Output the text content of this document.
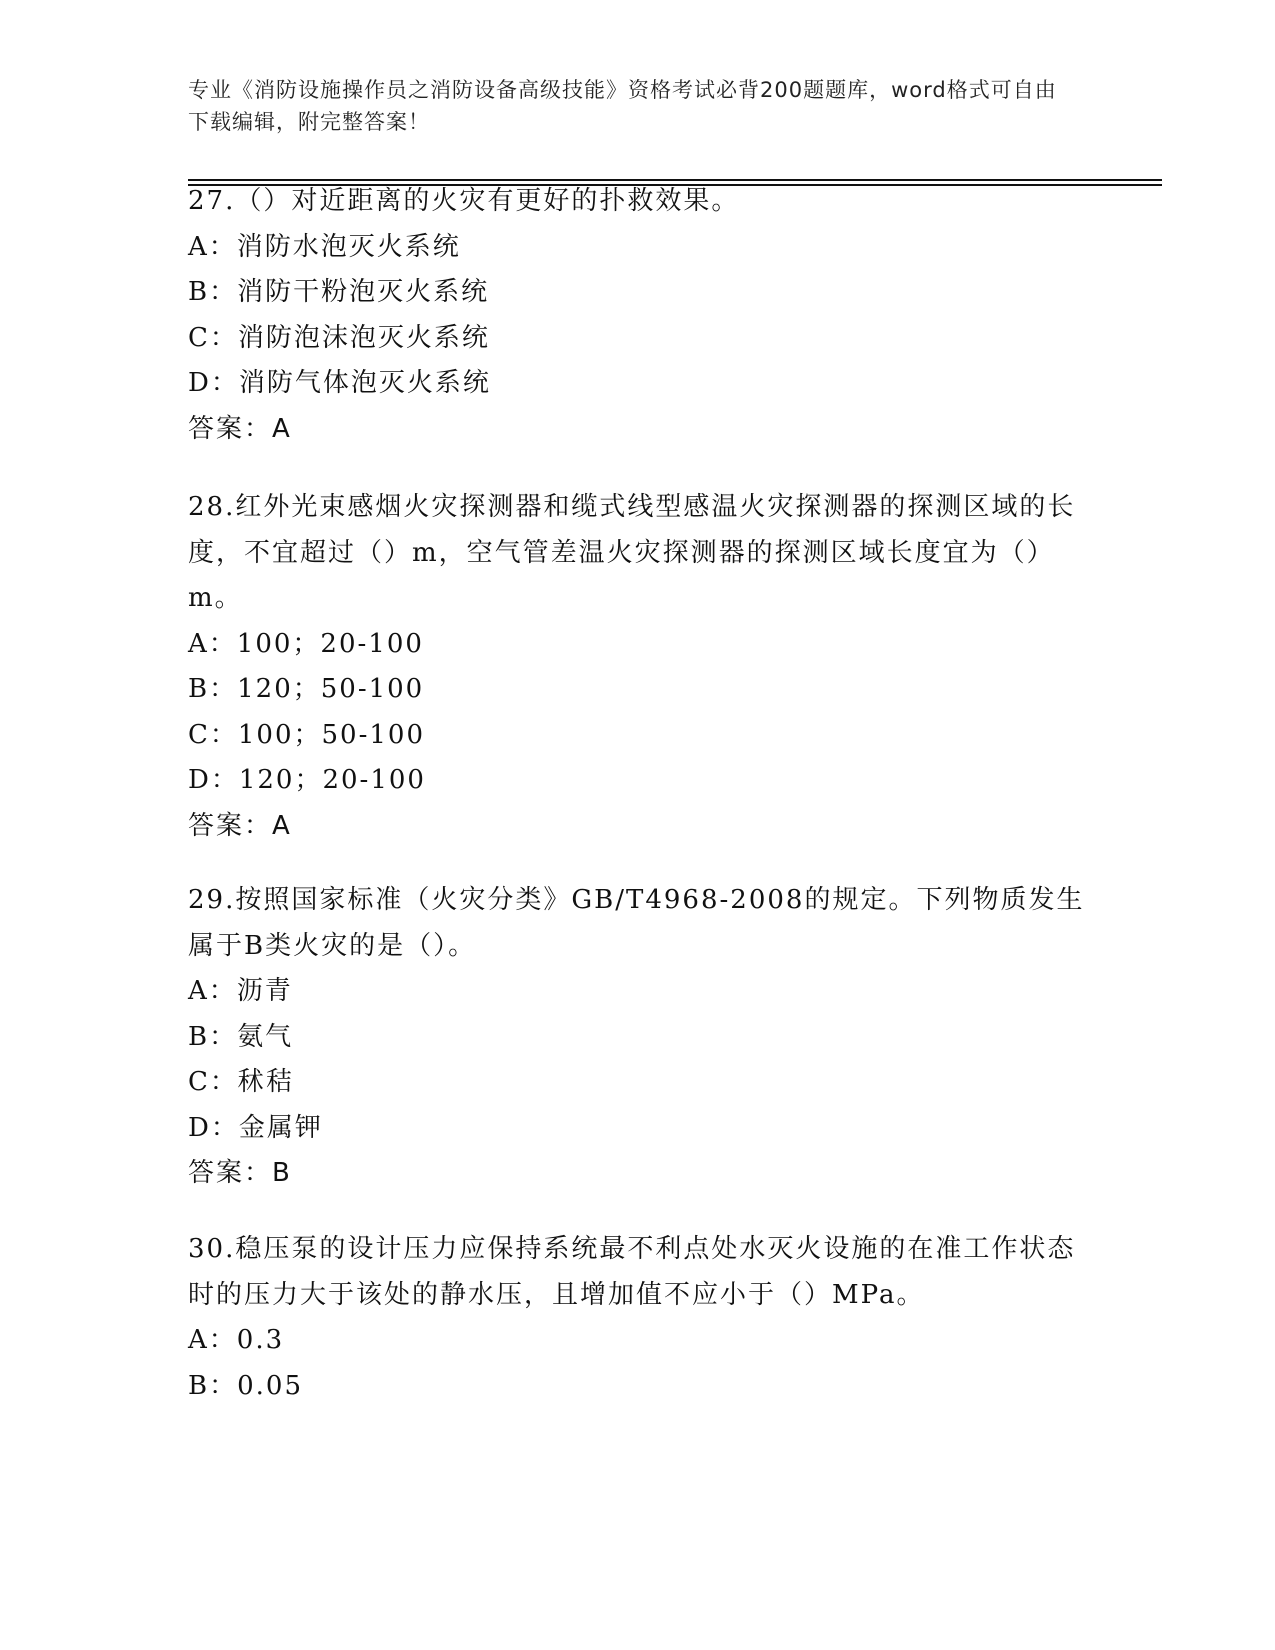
专业《消防设施操作员之消防设备高级技能》资格考试必背200题题库，word格式可自由下载编辑，附完整答案！

27.（）对近距离的火灾有更好的扑救效果。

A：消防水泡灭火系统

B：消防干粉泡灭火系统

C：消防泡沫泡灭火系统

D：消防气体泡灭火系统

答案：A

28.红外光束感烟火灾探测器和缆式线型感温火灾探测器的探测区域的长度，不宜超过（）m，空气管差温火灾探测器的探测区域长度宜为（）m。

A：100；20-100

B：120；50-100

C：100；50-100

D：120；20-100

答案：A

29.按照国家标准（火灾分类》GB/T4968-2008的规定。下列物质发生属于B类火灾的是（）。

A：沥青

B：氨气

C：秫秸

D：金属钾

答案：B

30.稳压泵的设计压力应保持系统最不利点处水灭火设施的在准工作状态时的压力大于该处的静水压，且增加值不应小于（）MPa。

A：0.3

B：0.05
